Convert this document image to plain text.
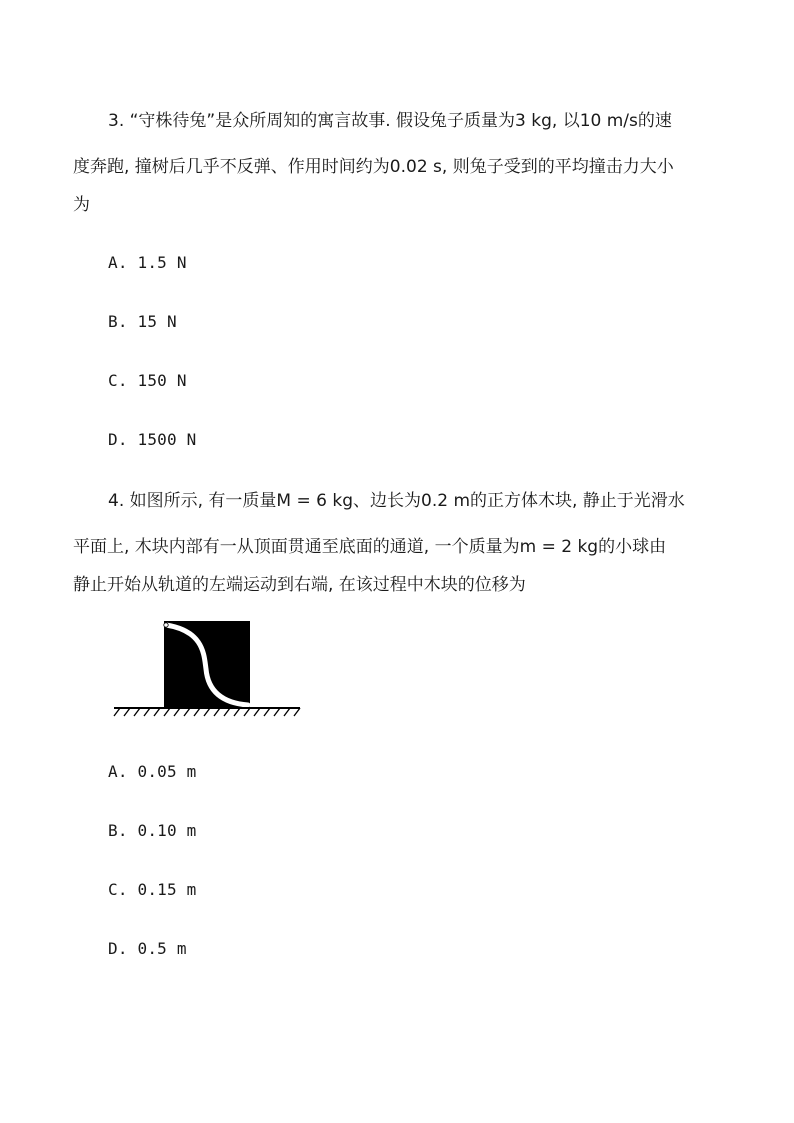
3. “守株待兔”是众所周知的寓言故事. 假设兔子质量为3 kg, 以10 m/s的速
度奔跑, 撞树后几乎不反弹、作用时间约为0.02 s, 则兔子受到的平均撞击力大小
为
A. 1.5 N
B. 15 N
C. 150 N
D. 1500 N
4. 如图所示, 有一质量M = 6 kg、边长为0.2 m的正方体木块, 静止于光滑水
平面上, 木块内部有一从顶面贯通至底面的通道, 一个质量为m = 2 kg的小球由
静止开始从轨道的左端运动到右端, 在该过程中木块的位移为
A. 0.05 m
B. 0.10 m
C. 0.15 m
D. 0.5 m
